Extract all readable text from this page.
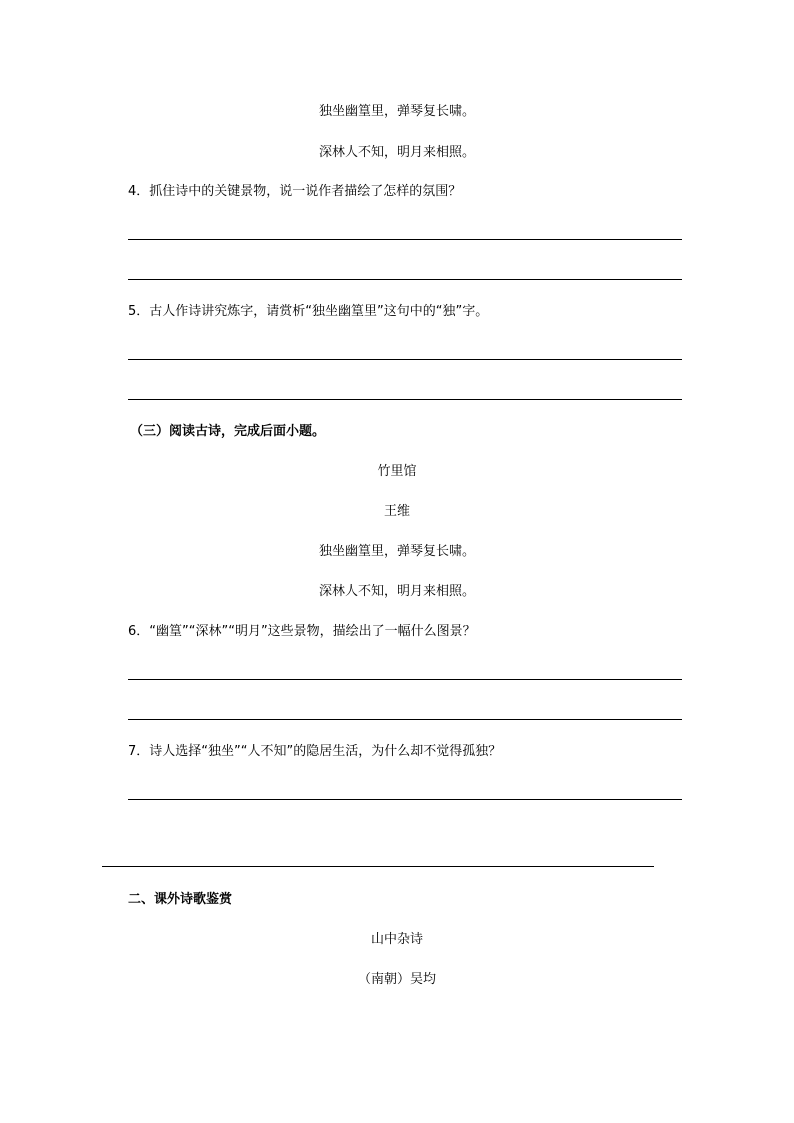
独坐幽篁里，弹琴复长啸。
深林人不知，明月来相照。
4．抓住诗中的关键景物，说一说作者描绘了怎样的氛围？
5．古人作诗讲究炼字，请赏析“独坐幽篁里”这句中的“独”字。
（三）阅读古诗，完成后面小题。
竹里馆
王维
独坐幽篁里，弹琴复长啸。
深林人不知，明月来相照。
6．“幽篁”“深林”“明月”这些景物，描绘出了一幅什么图景？
7．诗人选择“独坐”“人不知”的隐居生活，为什么却不觉得孤独？
二、课外诗歌鉴赏
山中杂诗
（南朝）吴均
